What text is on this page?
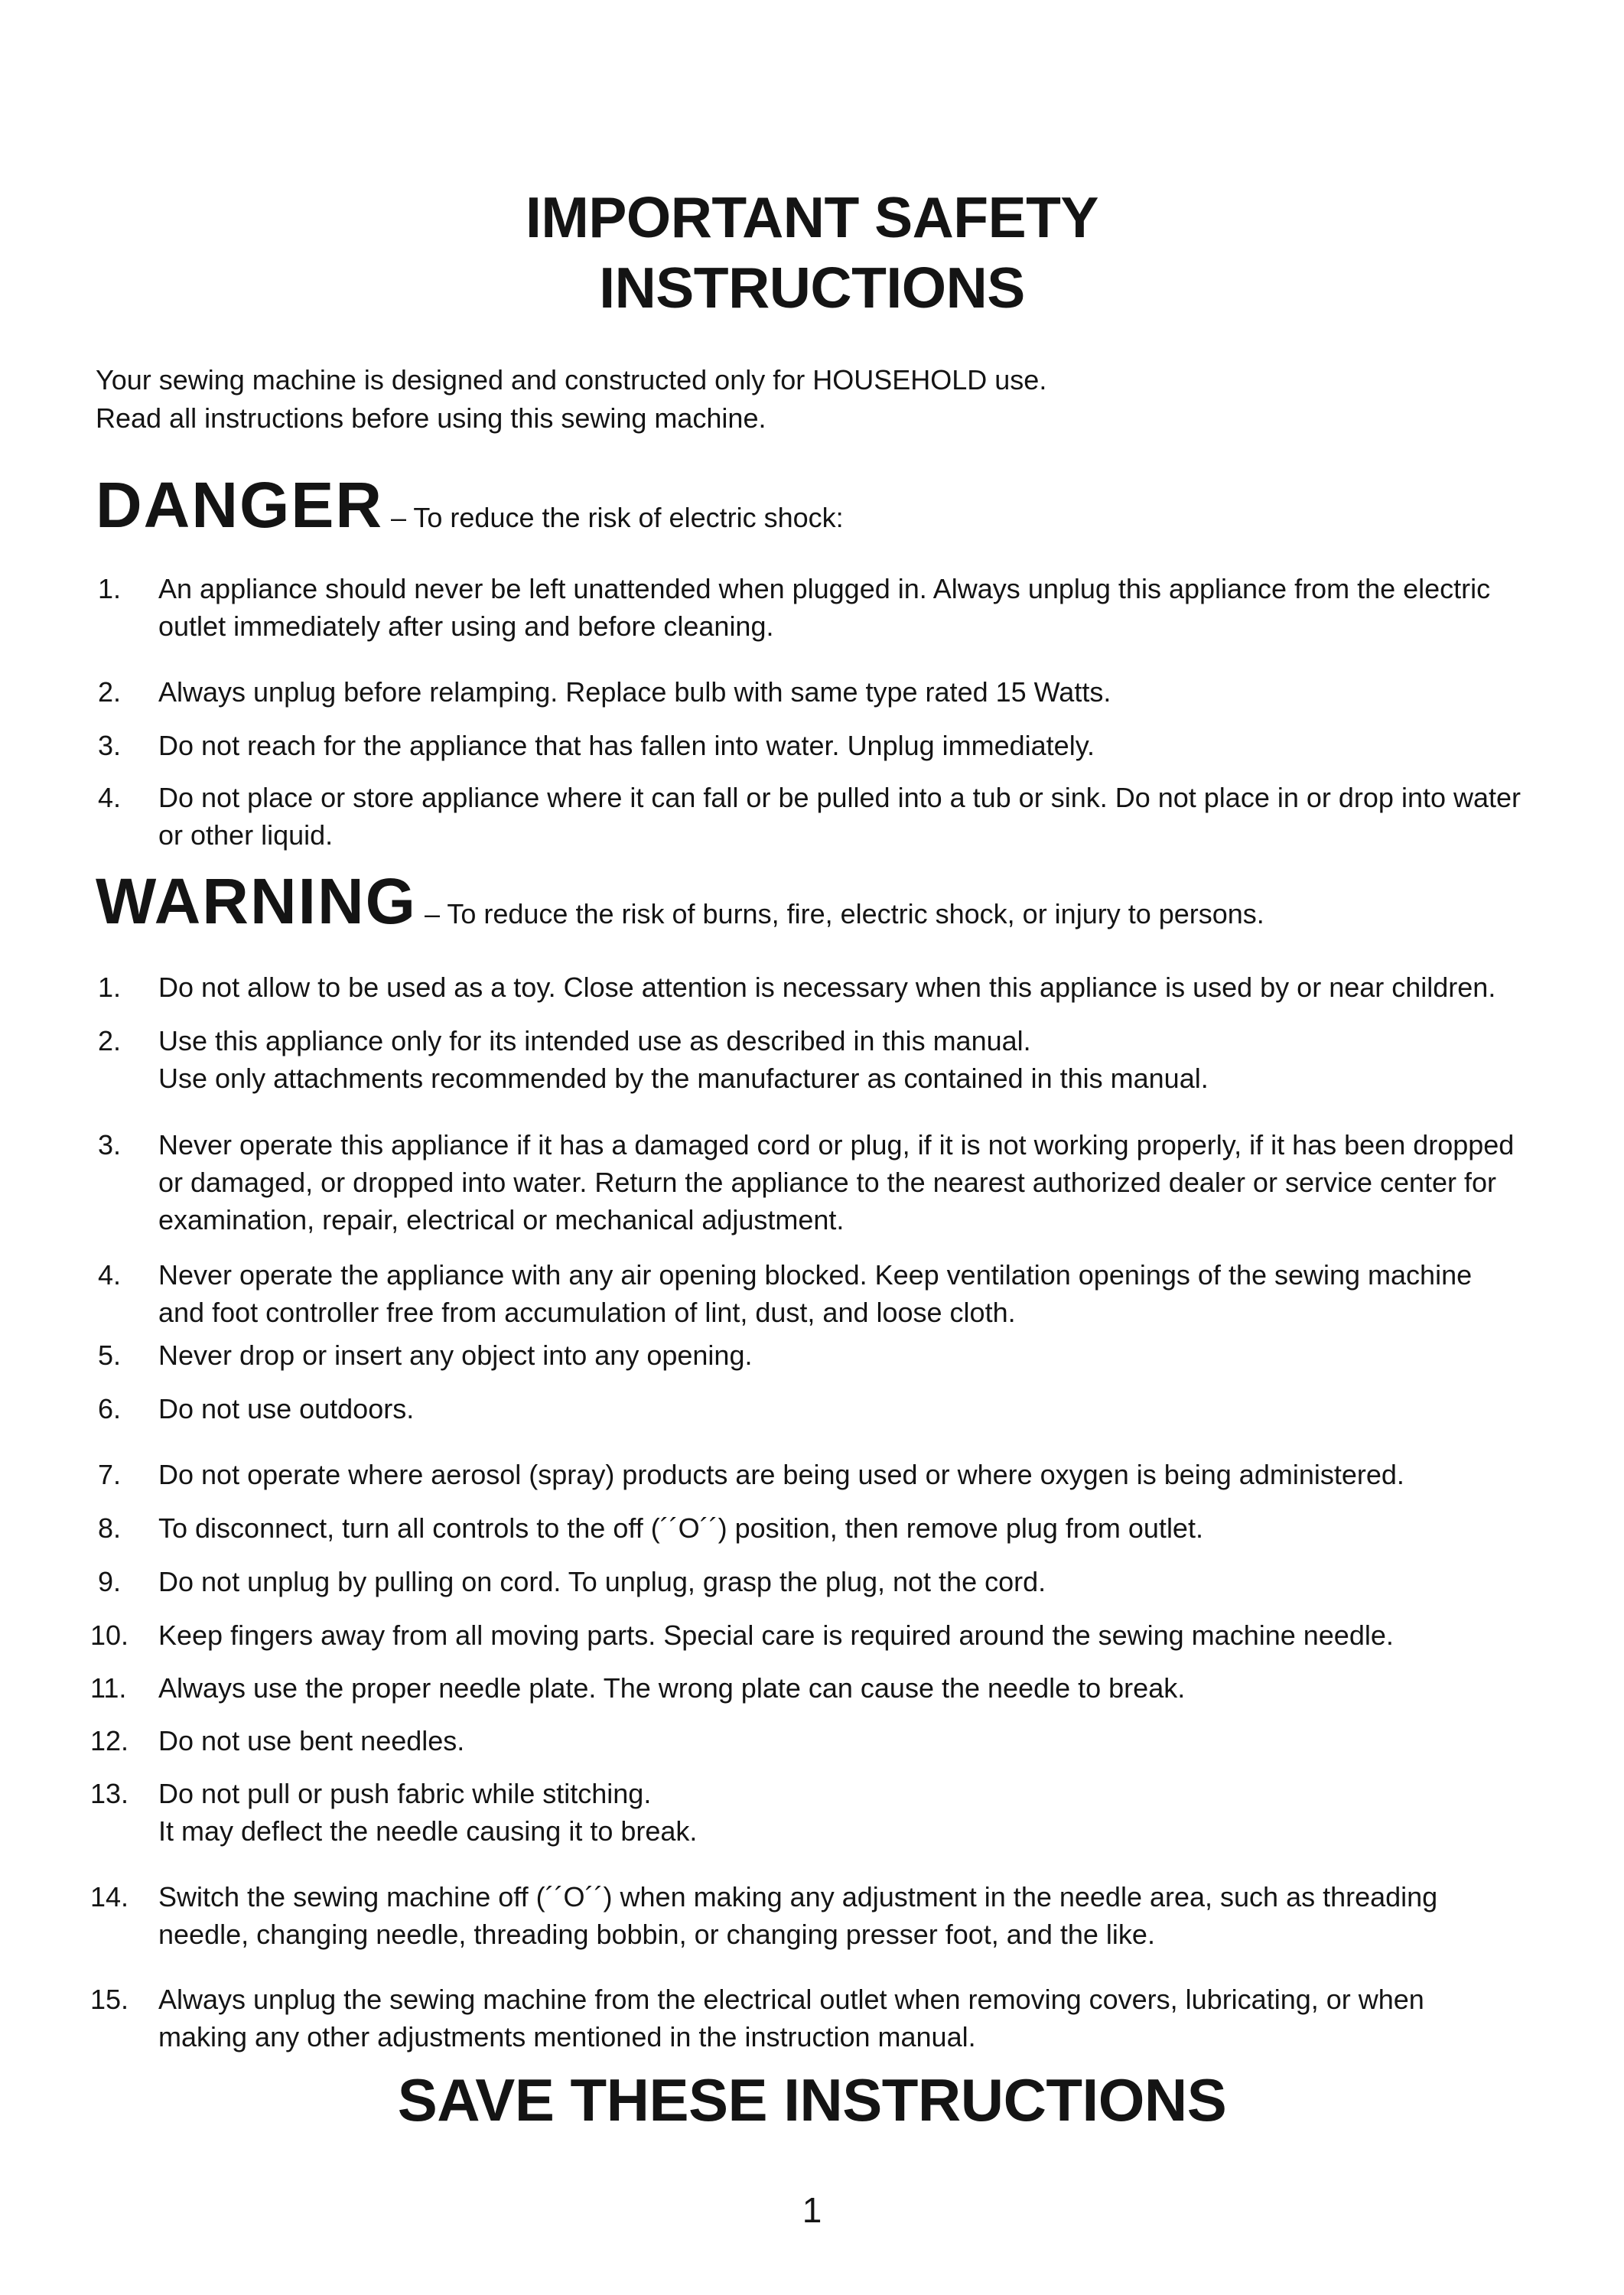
IMPORTANT SAFETY
INSTRUCTIONS
Your sewing machine is designed and constructed only for HOUSEHOLD use.
Read all instructions before using this sewing machine.
DANGER – To reduce the risk of electric shock:
1.	An appliance should never be left unattended when plugged in. Always unplug this appliance from the electric
outlet immediately after using and before cleaning.
2.	Always unplug before relamping. Replace bulb with same type rated 15 Watts.
3.	Do not reach for the appliance that has fallen into water. Unplug immediately.
4.	Do not place or store appliance where it can fall or be pulled into a tub or sink. Do not place in or drop into water
or other liquid.
WARNING – To reduce the risk of burns, fire, electric shock, or injury to persons.
1.	Do not allow to be used as a toy. Close attention is necessary when this appliance is used by or near children.
2.	Use this appliance only for its intended use as described in this manual.
Use only attachments recommended by the manufacturer as contained in this manual.
3.	Never operate this appliance if it has a damaged cord or plug, if it is not working properly, if it has been dropped
or damaged, or dropped into water. Return the appliance to the nearest authorized dealer or service center for
examination, repair, electrical or mechanical adjustment.
4.	Never operate the appliance with any air opening blocked. Keep ventilation openings of the sewing machine
and foot controller free from accumulation of lint, dust, and loose cloth.
5.	Never drop or insert any object into any opening.
6.	Do not use outdoors.
7.	Do not operate where aerosol (spray) products are being used or where oxygen is being administered.
8.	To disconnect, turn all controls to the off (´´O´´) position, then remove plug from outlet.
9.	Do not unplug by pulling on cord. To unplug, grasp the plug, not the cord.
10. Keep fingers away from all moving parts. Special care is required around the sewing machine needle.
11.	Always use the proper needle plate. The wrong plate can cause the needle to break.
12. Do not use bent needles.
13. Do not pull or push fabric while stitching.
It may deflect the needle causing it to break.
14. Switch the sewing machine off (´´O´´) when making any adjustment in the needle area, such as threading
needle, changing needle, threading bobbin, or changing presser foot, and the like.
15. Always unplug the sewing machine from the electrical outlet when removing covers, lubricating, or when
making any other adjustments mentioned in the instruction manual.
SAVE THESE INSTRUCTIONS
1
